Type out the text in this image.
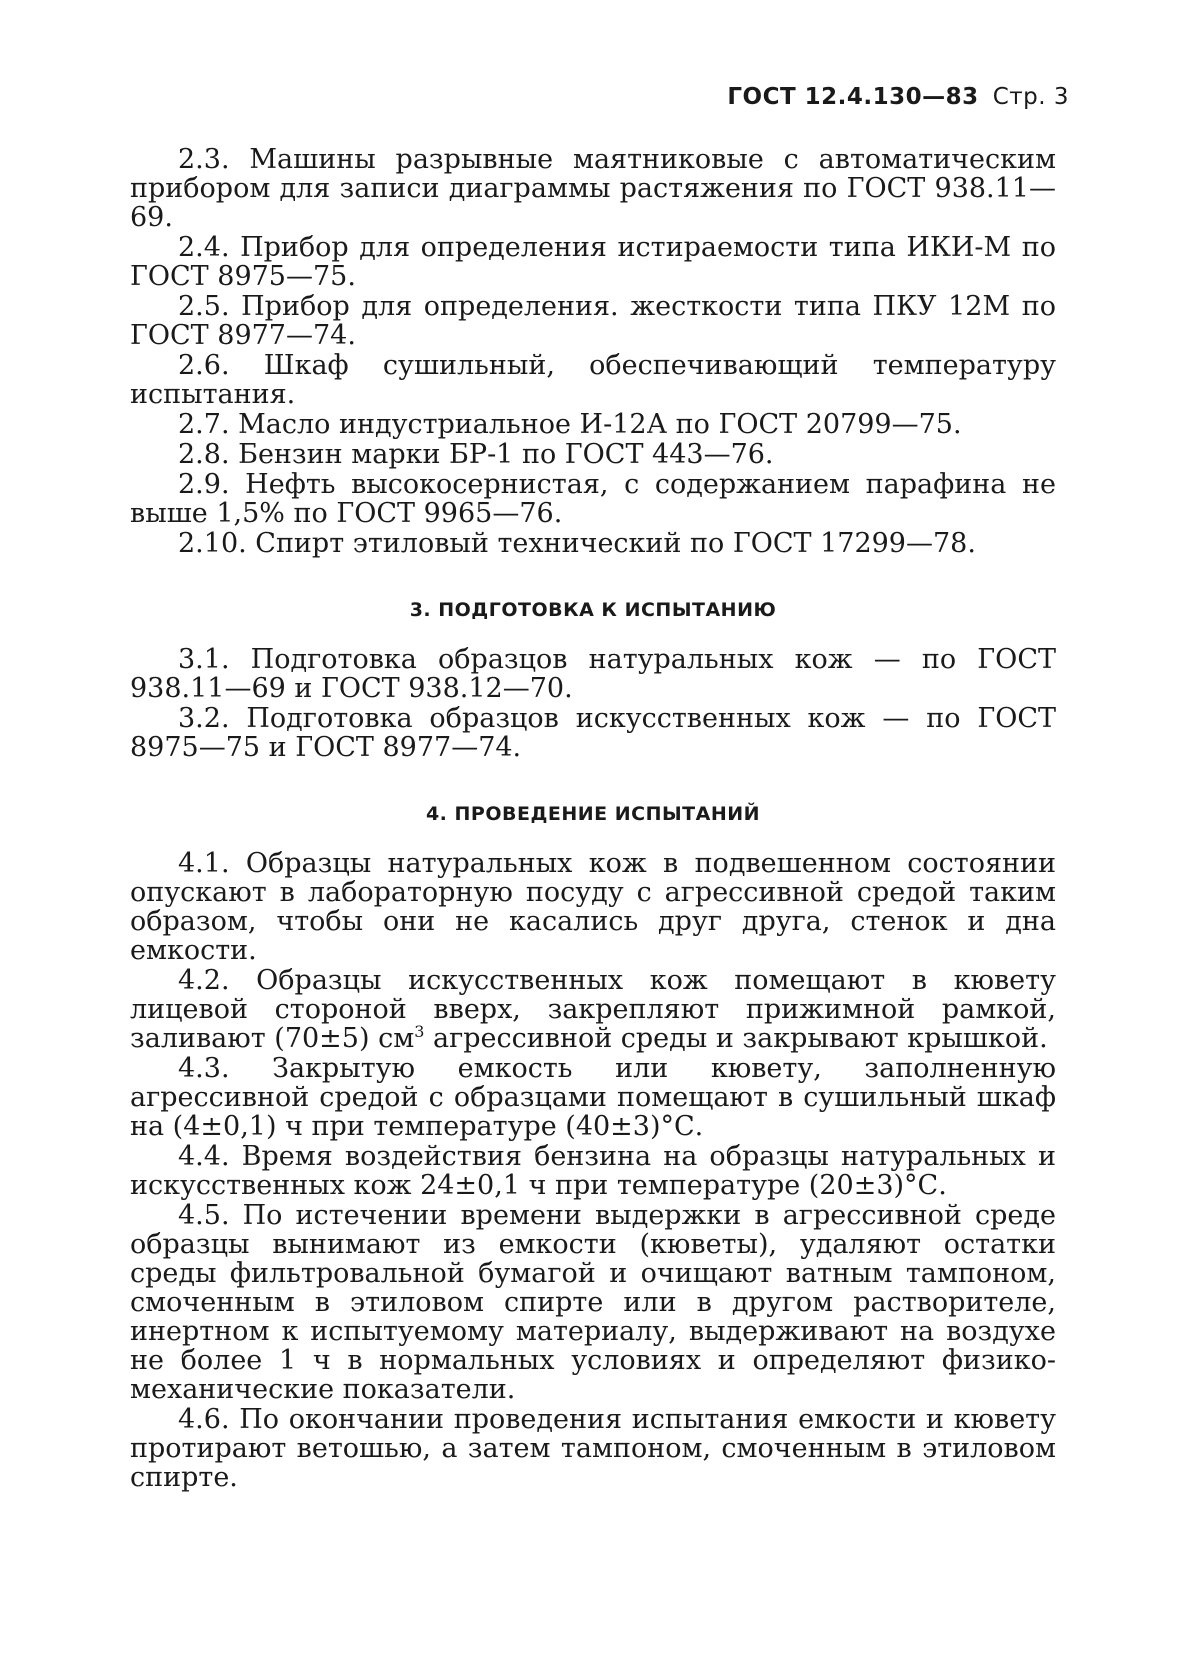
ГОСТ 12.4.130—83 Стр. 3

2.3. Машины разрывные маятниковые с автоматическим прибором для записи диаграммы растяжения по ГОСТ 938.11—69.

2.4. Прибор для определения истираемости типа ИКИ-М по ГОСТ 8975—75.

2.5. Прибор для определения. жесткости типа ПКУ 12М по ГОСТ 8977—74.

2.6. Шкаф сушильный, обеспечивающий температуру испытания.

2.7. Масло индустриальное И-12А по ГОСТ 20799—75.

2.8. Бензин марки БР-1 по ГОСТ 443—76.

2.9. Нефть высокосернистая, с содержанием парафина не выше 1,5% по ГОСТ 9965—76.

2.10. Спирт этиловый технический по ГОСТ 17299—78.

3. ПОДГОТОВКА К ИСПЫТАНИЮ

3.1. Подготовка образцов натуральных кож — по ГОСТ 938.11—69 и ГОСТ 938.12—70.

3.2. Подготовка образцов искусственных кож — по ГОСТ 8975—75 и ГОСТ 8977—74.

4. ПРОВЕДЕНИЕ ИСПЫТАНИЙ

4.1. Образцы натуральных кож в подвешенном состоянии опускают в лабораторную посуду с агрессивной средой таким образом, чтобы они не касались друг друга, стенок и дна емкости.

4.2. Образцы искусственных кож помещают в кювету лицевой стороной вверх, закрепляют прижимной рамкой, заливают (70±5) $см^3$ агрессивной среды и закрывают крышкой.

4.3. Закрытую емкость или кювету, заполненную агрессивной средой с образцами помещают в сушильный шкаф на (4±0,1) ч при температуре (40±3)°С.

4.4. Время воздействия бензина на образцы натуральных и искусственных кож 24±0,1 ч при температуре (20±3)°С.

4.5. По истечении времени выдержки в агрессивной среде образцы вынимают из емкости (кюветы), удаляют остатки среды фильтровальной бумагой и очищают ватным тампоном, смоченным в этиловом спирте или в другом растворителе, инертном к испытуемому материалу, выдерживают на воздухе не более 1 ч в нормальных условиях и определяют физико-механические показатели.

4.6. По окончании проведения испытания емкости и кювету протирают ветошью, а затем тампоном, смоченным в этиловом спирте.
